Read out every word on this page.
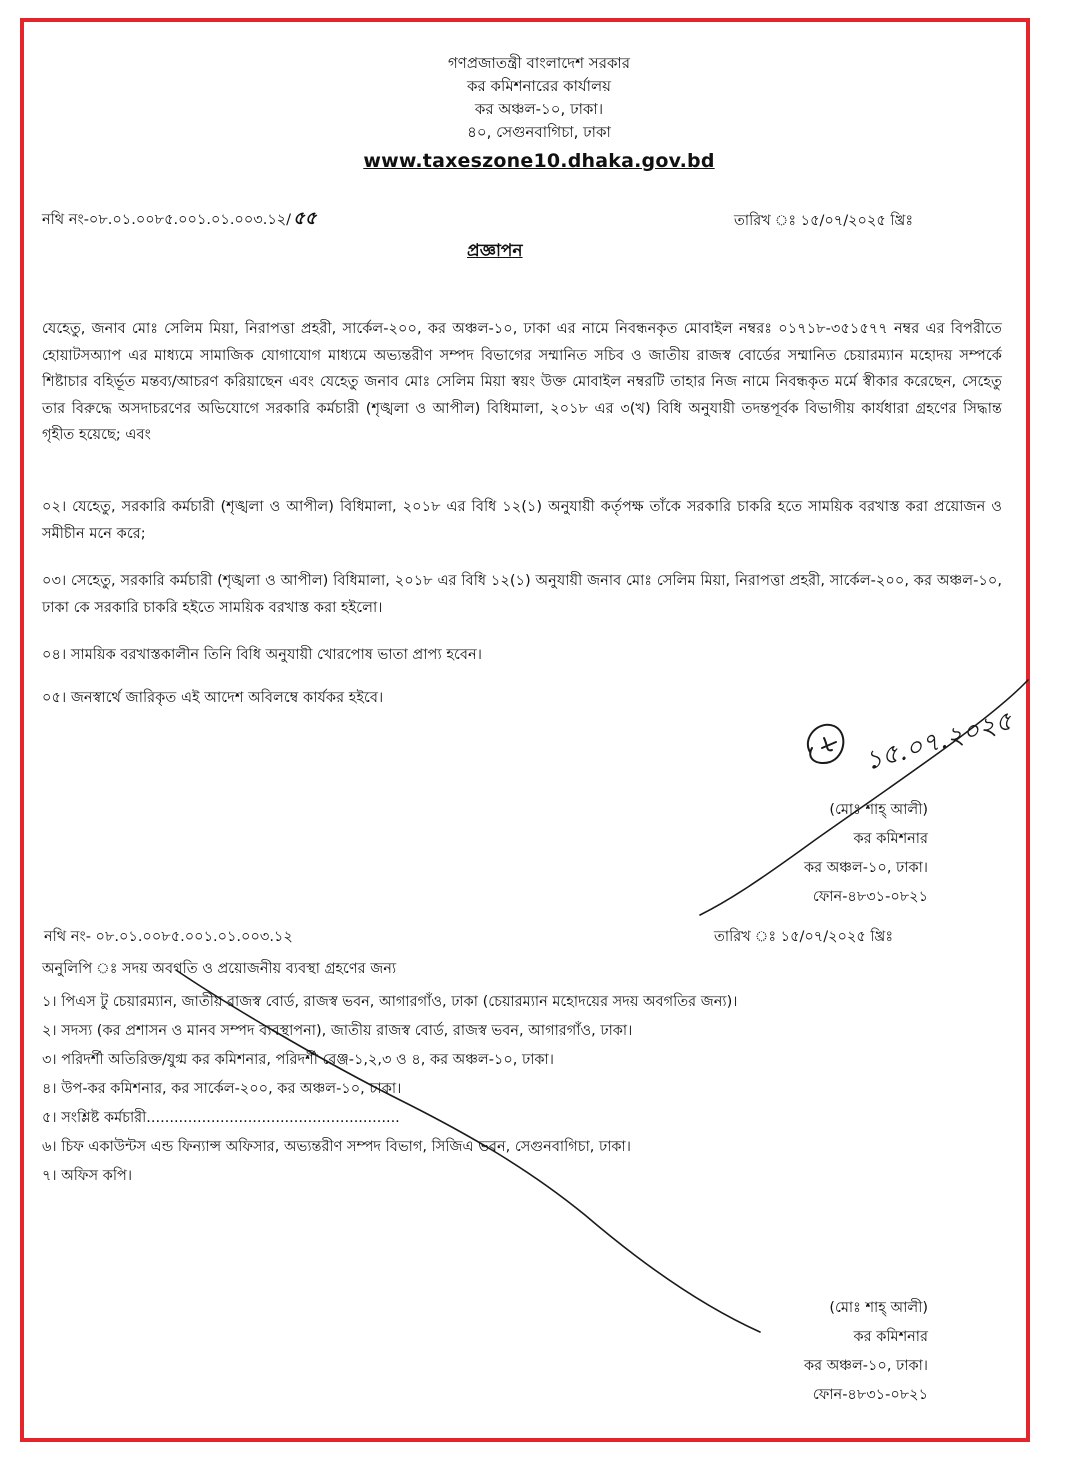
গণপ্রজাতন্ত্রী বাংলাদেশ সরকার
কর কমিশনারের কার্যালয়
কর অঞ্চল-১০, ঢাকা।
৪০, সেগুনবাগিচা, ঢাকা
www.taxeszone10.dhaka.gov.bd
নথি নং-০৮.০১.০০৮৫.০০১.০১.০০৩.১২/ ৫৫	তারিখ ঃ ১৫/০৭/২০২৫ খ্রিঃ
প্রজ্ঞাপন
যেহেতু, জনাব মোঃ সেলিম মিয়া, নিরাপত্তা প্রহরী, সার্কেল-২০০, কর অঞ্চল-১০, ঢাকা এর নামে নিবন্ধনকৃত মোবাইল নম্বরঃ ০১৭১৮-৩৫১৫৭৭ নম্বর এর বিপরীতে হোয়াটসঅ্যাপ এর মাধ্যমে সামাজিক যোগাযোগ মাধ্যমে অভ্যন্তরীণ সম্পদ বিভাগের সম্মানিত সচিব ও জাতীয় রাজস্ব বোর্ডের সম্মানিত চেয়ারম্যান মহোদয় সম্পর্কে শিষ্টাচার বহির্ভূত মন্তব্য/আচরণ করিয়াছেন এবং যেহেতু জনাব মোঃ সেলিম মিয়া স্বয়ং উক্ত মোবাইল নম্বরটি তাহার নিজ নামে নিবন্ধকৃত মর্মে স্বীকার করেছেন, সেহেতু তার বিরুদ্ধে অসদাচরণের অভিযোগে সরকারি কর্মচারী (শৃঙ্খলা ও আপীল) বিধিমালা, ২০১৮ এর ৩(খ) বিধি অনুযায়ী তদন্তপূর্বক বিভাগীয় কার্যধারা গ্রহণের সিদ্ধান্ত গৃহীত হয়েছে; এবং
০২। যেহেতু, সরকারি কর্মচারী (শৃঙ্খলা ও আপীল) বিধিমালা, ২০১৮ এর বিধি ১২(১) অনুযায়ী কর্তৃপক্ষ তাঁকে সরকারি চাকরি হতে সাময়িক বরখাস্ত করা প্রয়োজন ও সমীচীন মনে করে;
০৩। সেহেতু, সরকারি কর্মচারী (শৃঙ্খলা ও আপীল) বিধিমালা, ২০১৮ এর বিধি ১২(১) অনুযায়ী জনাব মোঃ সেলিম মিয়া, নিরাপত্তা প্রহরী, সার্কেল-২০০, কর অঞ্চল-১০, ঢাকা কে সরকারি চাকরি হইতে সাময়িক বরখাস্ত করা হইলো।
০৪। সাময়িক বরখাস্তকালীন তিনি বিধি অনুযায়ী খোরপোষ ভাতা প্রাপ্য হবেন।
০৫। জনস্বার্থে জারিকৃত এই আদেশ অবিলম্বে কার্যকর হইবে।
১৫.০৭.২০২৫
(মোঃ শাহ্ আলী)
কর কমিশনার
কর অঞ্চল-১০, ঢাকা।
ফোন-৪৮৩১-০৮২১
নথি নং- ০৮.০১.০০৮৫.০০১.০১.০০৩.১২	তারিখ ঃ ১৫/০৭/২০২৫ খ্রিঃ
অনুলিপি ঃ সদয় অবগতি ও প্রয়োজনীয় ব্যবস্থা গ্রহণের জন্য
১। পিএস টু চেয়ারম্যান, জাতীয় রাজস্ব বোর্ড, রাজস্ব ভবন, আগারগাঁও, ঢাকা (চেয়ারম্যান মহোদয়ের সদয় অবগতির জন্য)।
২। সদস্য (কর প্রশাসন ও মানব সম্পদ ব্যবস্থাপনা), জাতীয় রাজস্ব বোর্ড, রাজস্ব ভবন, আগারগাঁও, ঢাকা।
৩। পরিদর্শী অতিরিক্ত/যুগ্ম কর কমিশনার, পরিদর্শী রেঞ্জ-১,২,৩ ও ৪, কর অঞ্চল-১০, ঢাকা।
৪। উপ-কর কমিশনার, কর সার্কেল-২০০, কর অঞ্চল-১০, ঢাকা।
৫। সংশ্লিষ্ট কর্মচারী.......................................................
৬। চিফ একাউন্টস এন্ড ফিন্যান্স অফিসার, অভ্যন্তরীণ সম্পদ বিভাগ, সিজিএ ভবন, সেগুনবাগিচা, ঢাকা।
৭। অফিস কপি।
(মোঃ শাহ্ আলী)
কর কমিশনার
কর অঞ্চল-১০, ঢাকা।
ফোন-৪৮৩১-০৮২১
